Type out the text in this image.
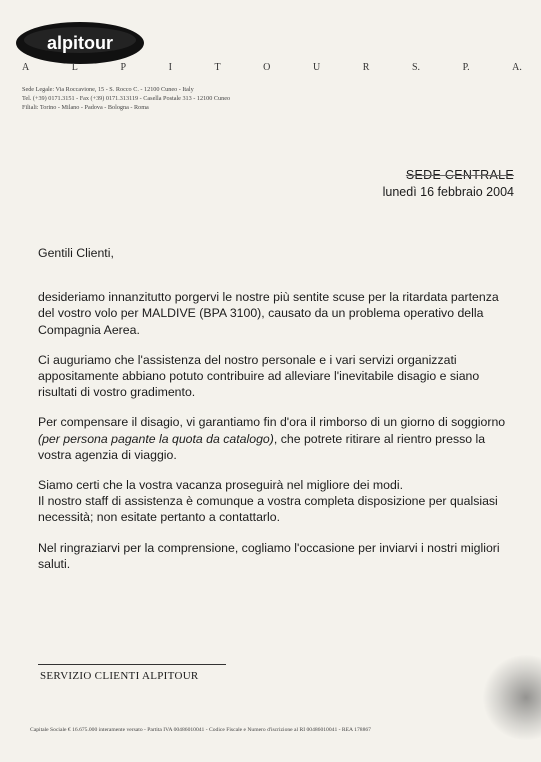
alpitour
A	L	P	I	T	O	U	R	S.	P.	A.
Sede Legale: Via Roccavione, 15 - S. Rocco C. - 12100 Cuneo - Italy
Tel. (+39) 0171.3151 - Fax (+39) 0171.313119 - Casella Postale 313 - 12100 Cuneo
Filiali: Torino - Milano - Padova - Bologna - Roma
SEDE CENTRALE
lunedì 16 febbraio 2004

Gentili Clienti,

desideriamo innanzitutto porgervi le nostre più sentite scuse per la ritardata partenza del vostro volo per MALDIVE (BPA 3100), causato da un problema operativo della Compagnia Aerea.

Ci auguriamo che l'assistenza del nostro personale e i vari servizi organizzati appositamente abbiano potuto contribuire ad alleviare l'inevitabile disagio e siano risultati di vostro gradimento.

Per compensare il disagio, vi garantiamo fin d'ora il rimborso di un giorno di soggiorno (per persona pagante la quota da catalogo), che potrete ritirare al rientro presso la vostra agenzia di viaggio.

Siamo certi che la vostra vacanza proseguirà nel migliore dei modi.
Il nostro staff di assistenza è comunque a vostra completa disposizione per qualsiasi necessità; non esitate pertanto a contattarlo.

Nel ringraziarvi per la comprensione, cogliamo l'occasione per inviarvi i nostri migliori saluti.

SERVIZIO CLIENTI ALPITOUR
Capitale Sociale € 16.675.000 interamente versato - Partita IVA 00486010041 - Codice Fiscale e Numero d'iscrizione al RI 00486010041 - REA 178867
